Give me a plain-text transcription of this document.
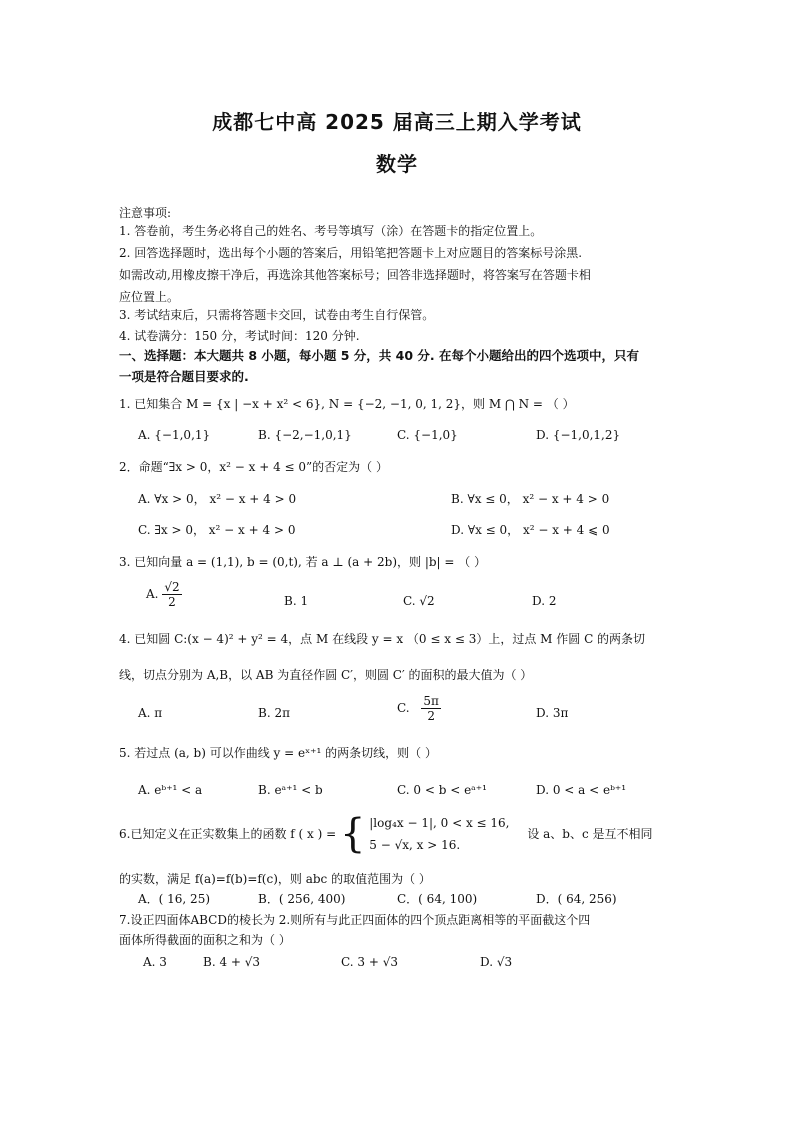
成都七中高 2025 届高三上期入学考试
数学
注意事项:
1. 答卷前，考生务必将自己的姓名、考号等填写（涂）在答题卡的指定位置上。
2. 回答选择题时，选出每个小题的答案后，用铅笔把答题卡上对应题目的答案标号涂黑.
如需改动,用橡皮擦干净后，再选涂其他答案标号；回答非选择题时，将答案写在答题卡相
应位置上。
3. 考试结束后，只需将答题卡交回，试卷由考生自行保管。
4. 试卷满分：150 分，考试时间：120 分钟.
一、选择题：本大题共 8 小题，每小题 5 分，共 40 分. 在每个小题给出的四个选项中，只有
一项是符合题目要求的.
1. 已知集合 M = {x | −x + x² < 6}, N = {−2, −1, 0, 1, 2}，则 M ⋂ N = （ ）
A. {−1,0,1}	B. {−2,−1,0,1}	C. {−1,0}	D. {−1,0,1,2}
2．命题“∃x > 0，x² − x + 4 ≤ 0”的否定为（ ）
A. ∀x > 0， x² − x + 4 > 0	B. ∀x ≤ 0， x² − x + 4 > 0
C. ∃x > 0， x² − x + 4 > 0	D. ∀x ≤ 0， x² − x + 4 ⩽ 0
3. 已知向量 a = (1,1), b = (0,t), 若 a ⊥ (a + 2b)，则 |b| = （ ）
A. $\frac{√2}{2}$	B. 1	C. √2	D. 2
4. 已知圆 C:(x − 4)² + y² = 4，点 M 在线段 y = x （0 ≤ x ≤ 3）上，过点 M 作圆 C 的两条切
线，切点分别为 A,B，以 AB 为直径作圆 C′，则圆 C′ 的面积的最大值为（ ）
A. π	B. 2π	C. $\frac{5\pi}{2}$	D. 3π
5. 若过点 (a, b) 可以作曲线 y = eˣ⁺¹ 的两条切线，则（ ）
A. eᵇ⁺¹ < a	B. eᵃ⁺¹ < b	C. 0 < b < eᵃ⁺¹	D. 0 < a < eᵇ⁺¹
6.已知定义在正实数集上的函数 f ( x ) = { |log₄x − 1|, 0 < x ≤ 16,
5 − √x, x > 16.
设 a、b、c 是互不相同
的实数，满足 f(a)=f(b)=f(c)，则 abc 的取值范围为（ ）
A．( 16, 25)	B．( 256, 400)	C．( 64, 100)	D．( 64, 256)
7.设正四面体ABCD的棱长为 2.则所有与此正四面体的四个顶点距离相等的平面截这个四
面体所得截面的面积之和为（ ）
A. 3	B. 4 + √3	C. 3 + √3	D. √3
